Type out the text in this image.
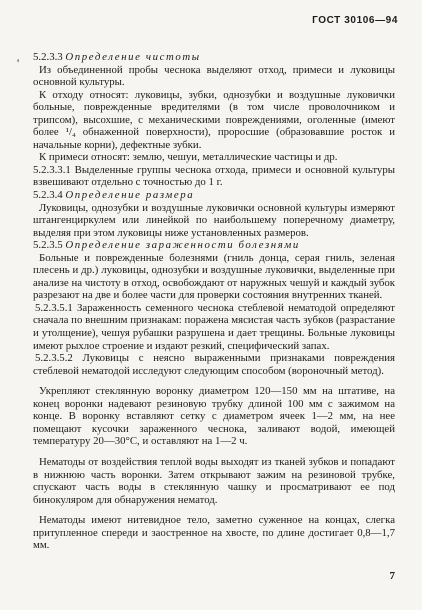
ГОСТ 30106—94
' 5.2.3.3 Определение чистоты

Из объединенной пробы чеснока выделяют отход, примеси и луковицы основной культуры.

К отходу относят: луковицы, зубки, однозубки и воздушные луковички больные, поврежденные вредителями (в том числе проволочником и трипсом), высохшие, с механическими повреждениями, оголенные (имеют более ¹/₄ обнаженной поверхности), проросшие (образовавшие росток и начальные корни), дефектные зубки.

К примеси относят: землю, чешуи, металлические частицы и др.

5.2.3.3.1 Выделенные группы чеснока отхода, примеси и основной культуры взвешивают отдельно с точностью до 1 г.

5.2.3.4 Определение размера

Луковицы, однозубки и воздушные луковички основной культуры измеряют штангенциркулем или линейкой по наибольшему поперечному диаметру, выделяя при этом луковицы ниже установленных размеров.

5.2.3.5 Определение зараженности болезнями

Больные и поврежденные болезнями (гниль донца, серая гниль, зеленая плесень и др.) луковицы, однозубки и воздушные луковички, выделенные при анализе на чистоту в отход, освобождают от наружных чешуй и каждый зубок разрезают на две и более части для проверки состояния внутренних тканей.

5.2.3.5.1 Зараженность семенного чеснока стеблевой нематодой определяют сначала по внешним признакам: поражена мясистая часть зубков (разрастание и утолщение), чешуя рубашки разрушена и дает трещины. Больные луковицы имеют рыхлое строение и издают резкий, специфический запах.

5.2.3.5.2 Луковицы с неясно выраженными признаками повреждения стеблевой нематодой исследуют следующим способом (вороночный метод).

Укрепляют стеклянную воронку диаметром 120—150 мм на штативе, на конец воронки надевают резиновую трубку длиной 100 мм с зажимом на конце. В воронку вставляют сетку с диаметром ячеек 1—2 мм, на нее помещают кусочки зараженного чеснока, заливают водой, имеющей температуру 20—30°C, и оставляют на 1—2 ч.

Нематоды от воздействия теплой воды выходят из тканей зубков и попадают в нижнюю часть воронки. Затем открывают зажим на резиновой трубке, спускают часть воды в стеклянную чашку и просматривают ее под бинокуляром для обнаружения нематод.

Нематоды имеют нитевидное тело, заметно суженное на концах, слегка притупленное спереди и заостренное на хвосте, по длине достигает 0,8—1,7 мм.

7
